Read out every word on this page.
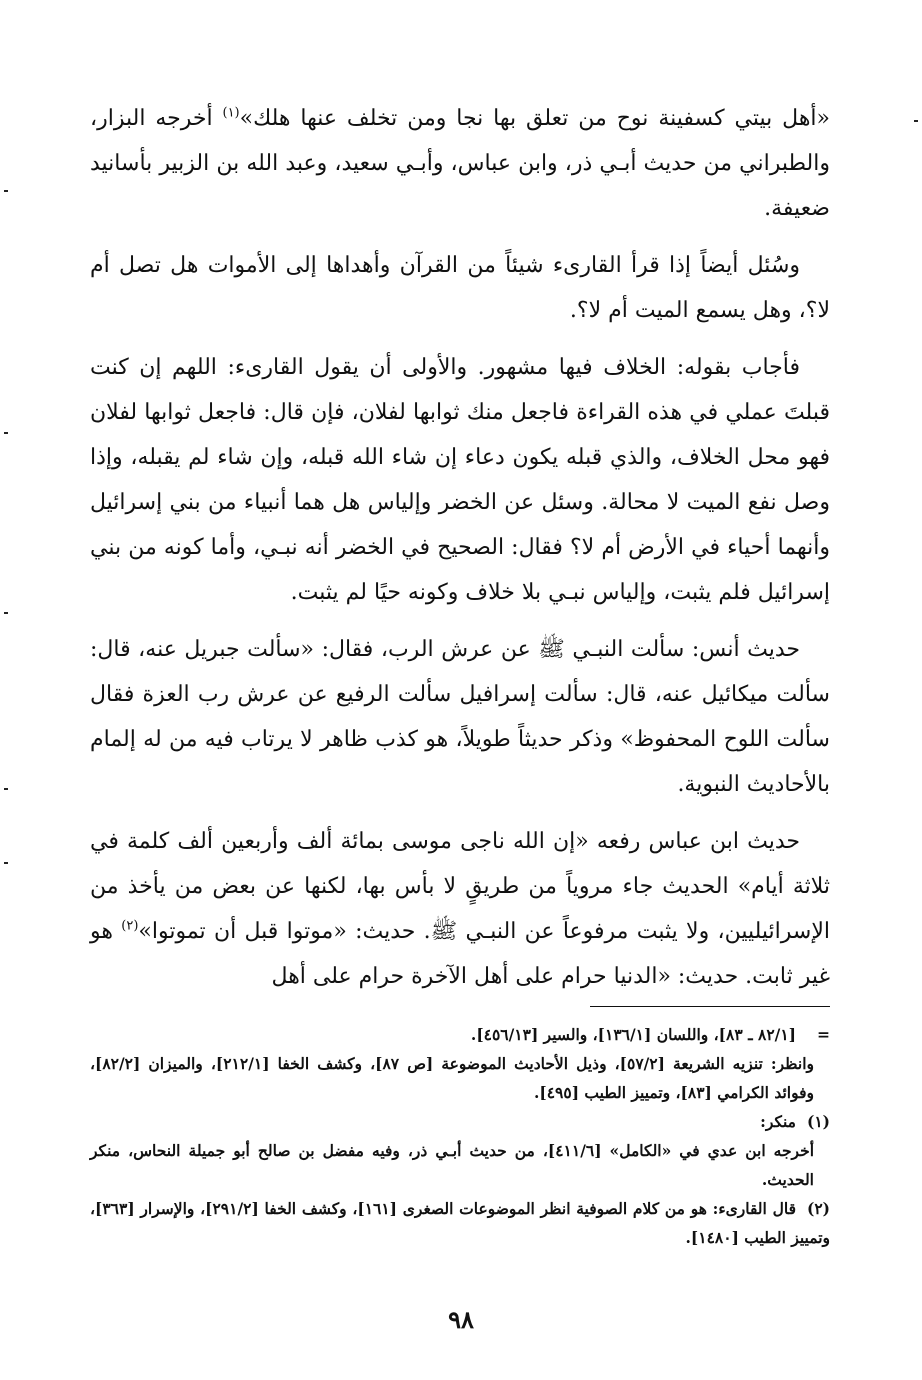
«أهل بيتي كسفينة نوح من تعلق بها نجا ومن تخلف عنها هلك»$^{(١)}$ أخرجه البزار، والطبراني من حديث أبـي ذر، وابن عباس، وأبـي سعيد، وعبد الله بن الزبير بأسانيد ضعيفة.

وسُئل أيضاً إذا قرأ القارىء شيئاً من القرآن وأهداها إلى الأموات هل تصل أم لا؟، وهل يسمع الميت أم لا؟.

فأجاب بقوله: الخلاف فيها مشهور. والأولى أن يقول القارىء: اللهم إن كنت قبلتَ عملي في هذه القراءة فاجعل منك ثوابها لفلان، فإن قال: فاجعل ثوابها لفلان فهو محل الخلاف، والذي قبله يكون دعاء إن شاء الله قبله، وإن شاء لم يقبله، وإذا وصل نفع الميت لا محالة. وسئل عن الخضر وإلياس هل هما أنبياء من بني إسرائيل وأنهما أحياء في الأرض أم لا؟ فقال: الصحيح في الخضر أنه نبـي، وأما كونه من بني إسرائيل فلم يثبت، وإلياس نبـي بلا خلاف وكونه حيًا لم يثبت.

حديث أنس: سألت النبـي ﷺ عن عرش الرب، فقال: «سألت جبريل عنه، قال: سألت ميكائيل عنه، قال: سألت إسرافيل سألت الرفيع عن عرش رب العزة فقال سألت اللوح المحفوظ» وذكر حديثاً طويلاً، هو كذب ظاهر لا يرتاب فيه من له إلمام بالأحاديث النبوية.

حديث ابن عباس رفعه «إن الله ناجى موسى بمائة ألف وأربعين ألف كلمة في ثلاثة أيام» الحديث جاء مروياً من طريقٍ لا بأس بها، لكنها عن بعض من يأخذ من الإسرائيليين، ولا يثبت مرفوعاً عن النبـي ﷺ. حديث: «موتوا قبل أن تموتوا»$^{(٢)}$ هو غير ثابت. حديث: «الدنيا حرام على أهل الآخرة حرام على أهل

=[٨٢/١ ـ ٨٣]، واللسان [١٣٦/١]، والسير [٤٥٦/١٣].

وانظر: تنزيه الشريعة [٥٧/٢]، وذيل الأحاديث الموضوعة [ص ٨٧]، وكشف الخفا [٢١٢/١]، والميزان [٨٢/٢]، وفوائد الكرامي [٨٣]، وتمييز الطيب [٤٩٥].

(١)منكر:

أخرجه ابن عدي في «الكامل» [٤١١/٦]، من حديث أبـي ذر، وفيه مفضل بن صالح أبو جميلة النحاس، منكر الحديث.

(٢)قال القارىء: هو من كلام الصوفية انظر الموضوعات الصغرى [١٦١]، وكشف الخفا [٢٩١/٢]، والإسرار [٣٦٣]، وتمييز الطيب [١٤٨٠].

٩٨
